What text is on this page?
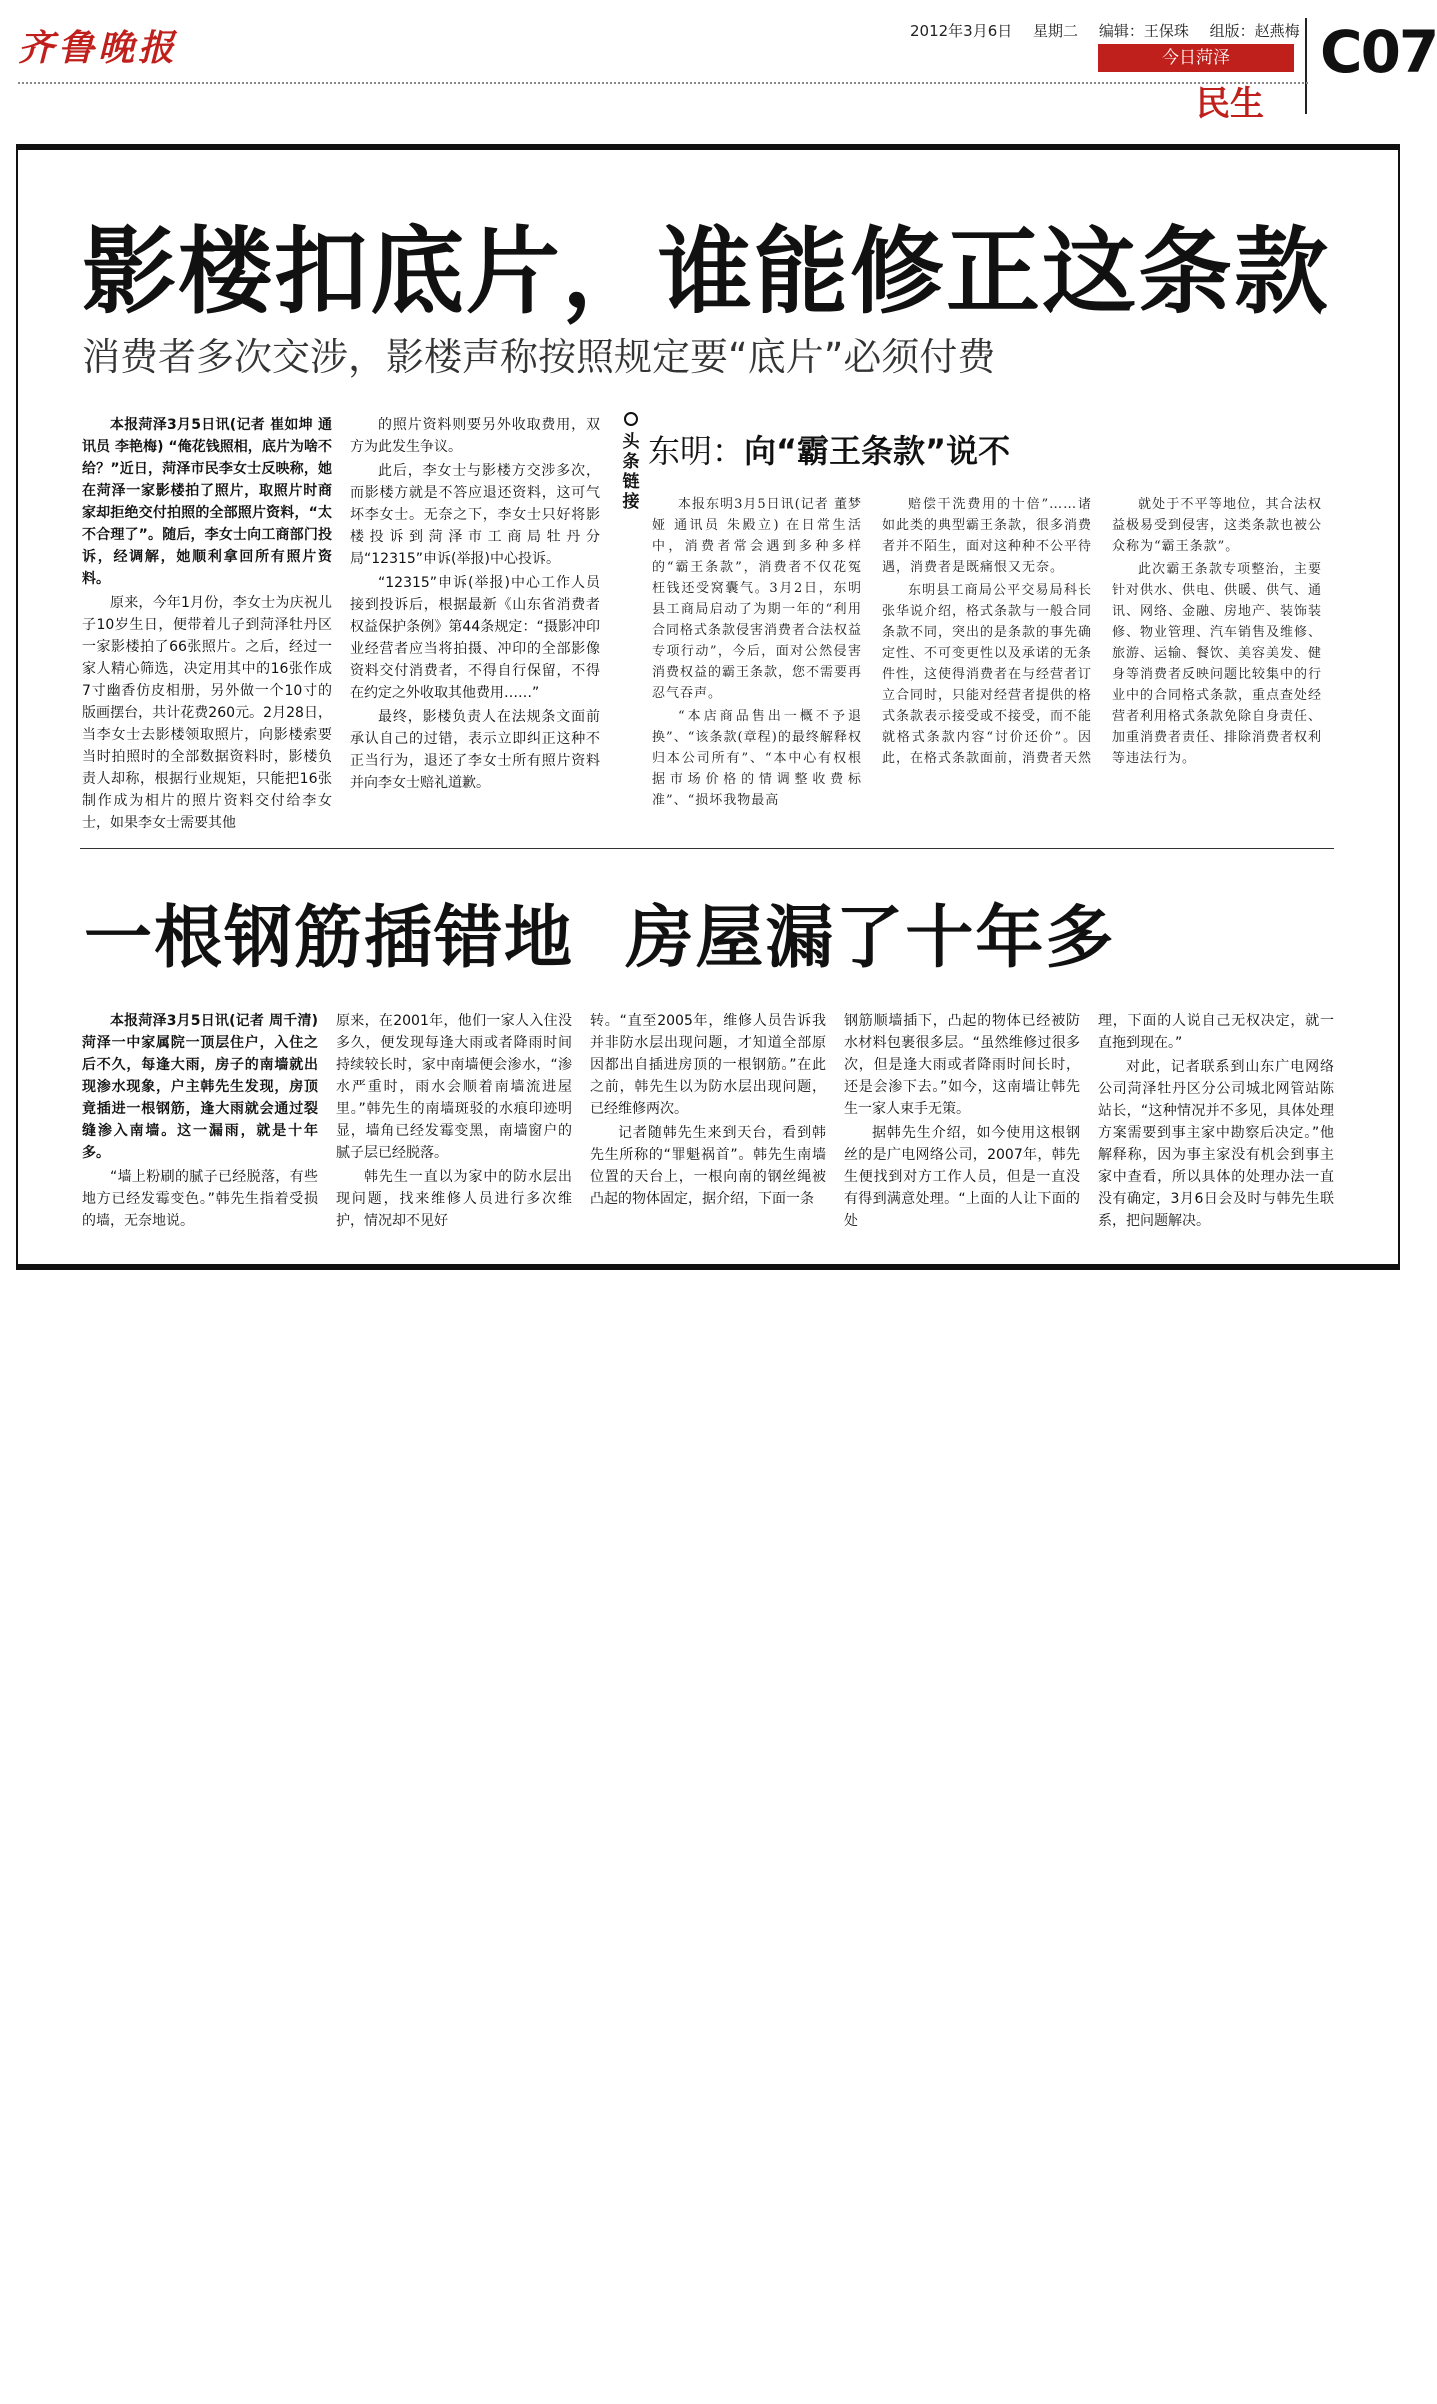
齐鲁晚报	2012年3月6日 星期二 编辑：王保珠 组版：赵燕梅
今日菏泽
民生
C07
影楼扣底片，谁能修正这条款
消费者多次交涉，影楼声称按照规定要“底片”必须付费

本报菏泽3月5日讯(记者 崔如坤 通讯员 李艳梅) “俺花钱照相，底片为啥不给？”近日，菏泽市民李女士反映称，她在菏泽一家影楼拍了照片，取照片时商家却拒绝交付拍照的全部照片资料，“太不合理了”。随后，李女士向工商部门投诉，经调解，她顺利拿回所有照片资料。

原来，今年1月份，李女士为庆祝儿子10岁生日，便带着儿子到菏泽牡丹区一家影楼拍了66张照片。之后，经过一家人精心筛选，决定用其中的16张作成7寸幽香仿皮相册，另外做一个10寸的版画摆台，共计花费260元。2月28日，当李女士去影楼领取照片，向影楼索要当时拍照时的全部数据资料时，影楼负责人却称，根据行业规矩，只能把16张制作成为相片的照片资料交付给李女士，如果李女士需要其他

的照片资料则要另外收取费用，双方为此发生争议。

此后，李女士与影楼方交涉多次，而影楼方就是不答应退还资料，这可气坏李女士。无奈之下，李女士只好将影楼投诉到菏泽市工商局牡丹分局“12315”申诉(举报)中心投诉。

“12315”申诉(举报)中心工作人员接到投诉后，根据最新《山东省消费者权益保护条例》第44条规定：“摄影冲印业经营者应当将拍摄、冲印的全部影像资料交付消费者，不得自行保留，不得在约定之外收取其他费用……”

最终，影楼负责人在法规条文面前承认自己的过错，表示立即纠正这种不正当行为，退还了李女士所有照片资料并向李女士赔礼道歉。

头条链接
东明：向“霸王条款”说不

本报东明3月5日讯(记者 董梦娅 通讯员 朱殿立) 在日常生活中，消费者常会遇到多种多样的“霸王条款”，消费者不仅花冤枉钱还受窝囊气。3月2日，东明县工商局启动了为期一年的“利用合同格式条款侵害消费者合法权益专项行动”，今后，面对公然侵害消费权益的霸王条款，您不需要再忍气吞声。

“本店商品售出一概不予退换”、“该条款(章程)的最终解释权归本公司所有”、“本中心有权根据市场价格的情调整收费标准”、“损坏我物最高

赔偿干洗费用的十倍”……诸如此类的典型霸王条款，很多消费者并不陌生，面对这种种不公平待遇，消费者是既痛恨又无奈。

东明县工商局公平交易局科长张华说介绍，格式条款与一般合同条款不同，突出的是条款的事先确定性、不可变更性以及承诺的无条件性，这使得消费者在与经营者订立合同时，只能对经营者提供的格式条款表示接受或不接受，而不能就格式条款内容“讨价还价”。因此，在格式条款面前，消费者天然

就处于不平等地位，其合法权益极易受到侵害，这类条款也被公众称为“霸王条款”。

此次霸王条款专项整治，主要针对供水、供电、供暖、供气、通讯、网络、金融、房地产、装饰装修、物业管理、汽车销售及维修、旅游、运输、餐饮、美容美发、健身等消费者反映问题比较集中的行业中的合同格式条款，重点查处经营者利用格式条款免除自身责任、加重消费者责任、排除消费者权利等违法行为。

一根钢筋插错地  房屋漏了十年多

本报菏泽3月5日讯(记者 周千清) 菏泽一中家属院一顶层住户，入住之后不久，每逢大雨，房子的南墙就出现渗水现象，户主韩先生发现，房顶竟插进一根钢筋，逢大雨就会通过裂缝渗入南墙。这一漏雨，就是十年多。

“墙上粉刷的腻子已经脱落，有些地方已经发霉变色。”韩先生指着受损的墙，无奈地说。

原来，在2001年，他们一家人入住没多久，便发现每逢大雨或者降雨时间持续较长时，家中南墙便会渗水，“渗水严重时，雨水会顺着南墙流进屋里。”韩先生的南墙斑驳的水痕印迹明显，墙角已经发霉变黑，南墙窗户的腻子层已经脱落。

韩先生一直以为家中的防水层出现问题，找来维修人员进行多次维护，情况却不见好

转。“直至2005年，维修人员告诉我并非防水层出现问题，才知道全部原因都出自插进房顶的一根钢筋。”在此之前，韩先生以为防水层出现问题，已经维修两次。

记者随韩先生来到天台，看到韩先生所称的“罪魁祸首”。韩先生南墙位置的天台上，一根向南的钢丝绳被凸起的物体固定，据介绍，下面一条

钢筋顺墙插下，凸起的物体已经被防水材料包裹很多层。“虽然维修过很多次，但是逢大雨或者降雨时间长时，还是会渗下去。”如今，这南墙让韩先生一家人束手无策。

据韩先生介绍，如今使用这根钢丝的是广电网络公司，2007年，韩先生便找到对方工作人员，但是一直没有得到满意处理。“上面的人让下面的处

理，下面的人说自己无权决定，就一直拖到现在。”

对此，记者联系到山东广电网络公司菏泽牡丹区分公司城北网管站陈站长，“这种情况并不多见，具体处理方案需要到事主家中勘察后决定。”他解释称，因为事主家没有机会到事主家中查看，所以具体的处理办法一直没有确定，3月6日会及时与韩先生联系，把问题解决。
